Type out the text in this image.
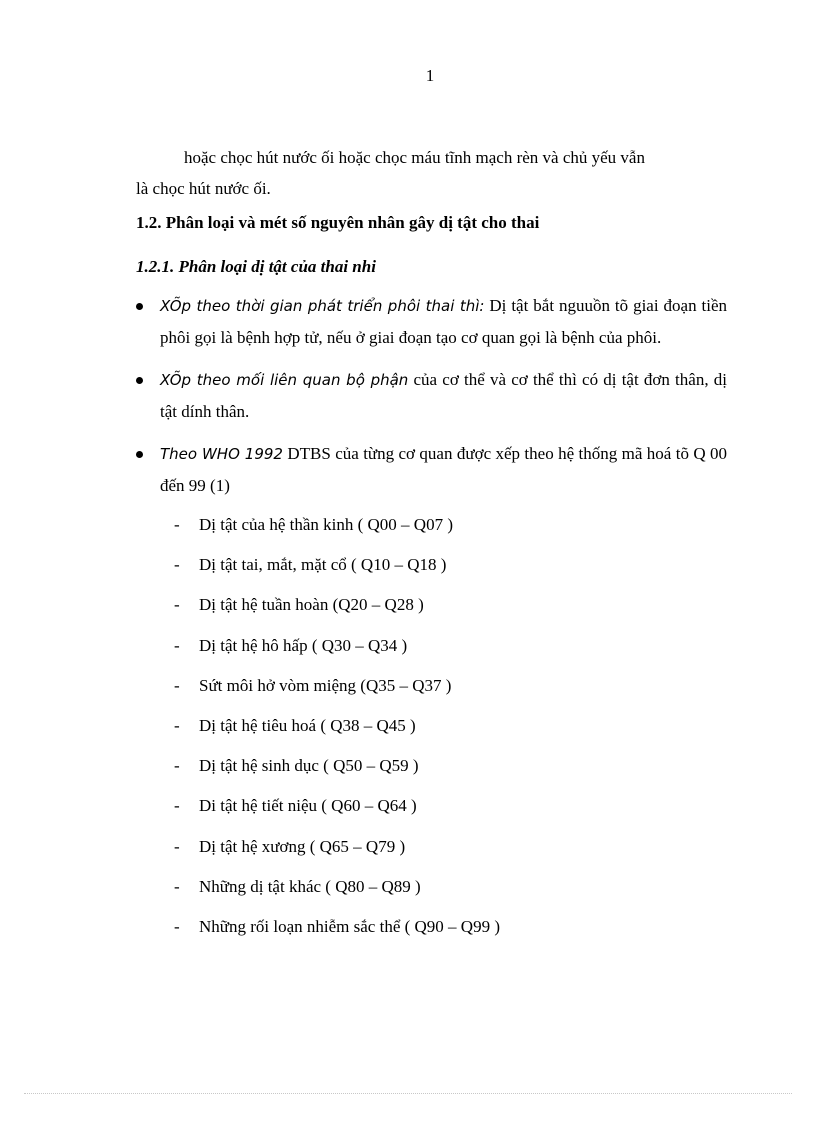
1

hoặc chọc hút nước ối hoặc chọc máu tĩnh mạch rèn và chủ yếu vẫn
là chọc hút nước ối.

1.2. Phân loại và mét số nguyên nhân gây dị tật cho thai
1.2.1. Phân loại dị tật của thai nhi
XÕp theo thời gian phát triển phôi thai thì: Dị tật bắt nguuồn tõ giai đoạn tiền phôi gọi là bệnh hợp tử, nếu ở giai đoạn tạo cơ quan gọi là bệnh của phôi.
XÕp theo mối liên quan bộ phận của cơ thể và cơ thể thì có dị tật đơn thân, dị tật dính thân.
Theo WHO 1992 DTBS của từng cơ quan được xếp theo hệ thống mã hoá tõ Q 00 đến 99 (1)
- Dị tật của hệ thần kinh ( Q00 – Q07 )
- Dị tật tai, mắt, mặt cổ ( Q10 – Q18 )
- Dị tật hệ tuần hoàn (Q20 – Q28 )
- Dị tật hệ hô hấp ( Q30 – Q34 )
- Sứt môi hở vòm miệng (Q35 – Q37 )
- Dị tật hệ tiêu hoá ( Q38 – Q45 )
- Dị tật hệ sinh dục ( Q50 – Q59 )
- Di tật hệ tiết niệu ( Q60 – Q64 )
- Dị tật hệ xương ( Q65 – Q79 )
- Những dị tật khác ( Q80 – Q89 )
- Những rối loạn nhiễm sắc thể ( Q90 – Q99 )
